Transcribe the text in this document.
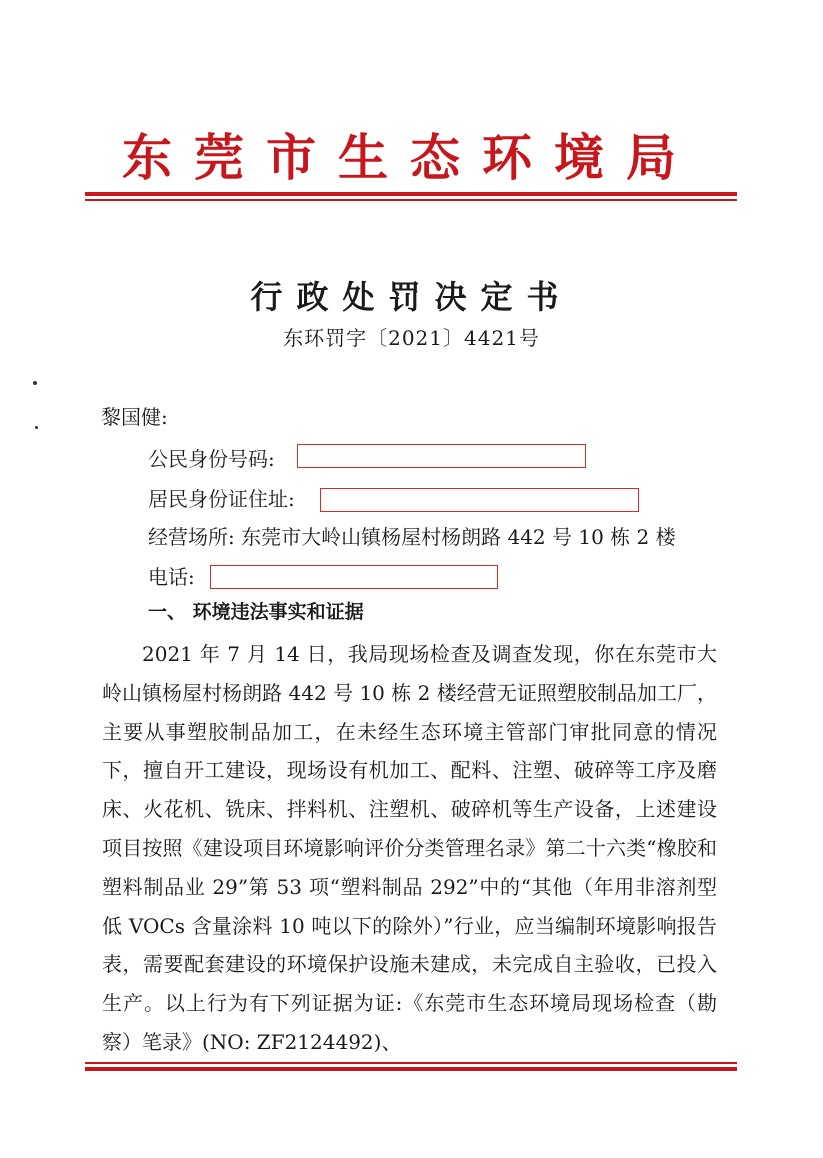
东莞市生态环境局
行政处罚决定书
东环罚字〔2021〕4421号
黎国健:
公民身份号码:
居民身份证住址:
经营场所: 东莞市大岭山镇杨屋村杨朗路 442 号 10 栋 2 楼
电话:
一、 环境违法事实和证据
2021 年 7 月 14 日，我局现场检查及调查发现，你在东莞市大岭山镇杨屋村杨朗路 442 号 10 栋 2 楼经营无证照塑胶制品加工厂，主要从事塑胶制品加工，在未经生态环境主管部门审批同意的情况下，擅自开工建设，现场设有机加工、配料、注塑、破碎等工序及磨床、火花机、铣床、拌料机、注塑机、破碎机等生产设备，上述建设项目按照《建设项目环境影响评价分类管理名录》第二十六类“橡胶和塑料制品业 29”第 53 项“塑料制品 292”中的“其他（年用非溶剂型低 VOCs 含量涂料 10 吨以下的除外）”行业，应当编制环境影响报告表，需要配套建设的环境保护设施未建成，未完成自主验收，已投入生产。以上行为有下列证据为证:《东莞市生态环境局现场检查（勘察）笔录》(NO: ZF2124492)、
